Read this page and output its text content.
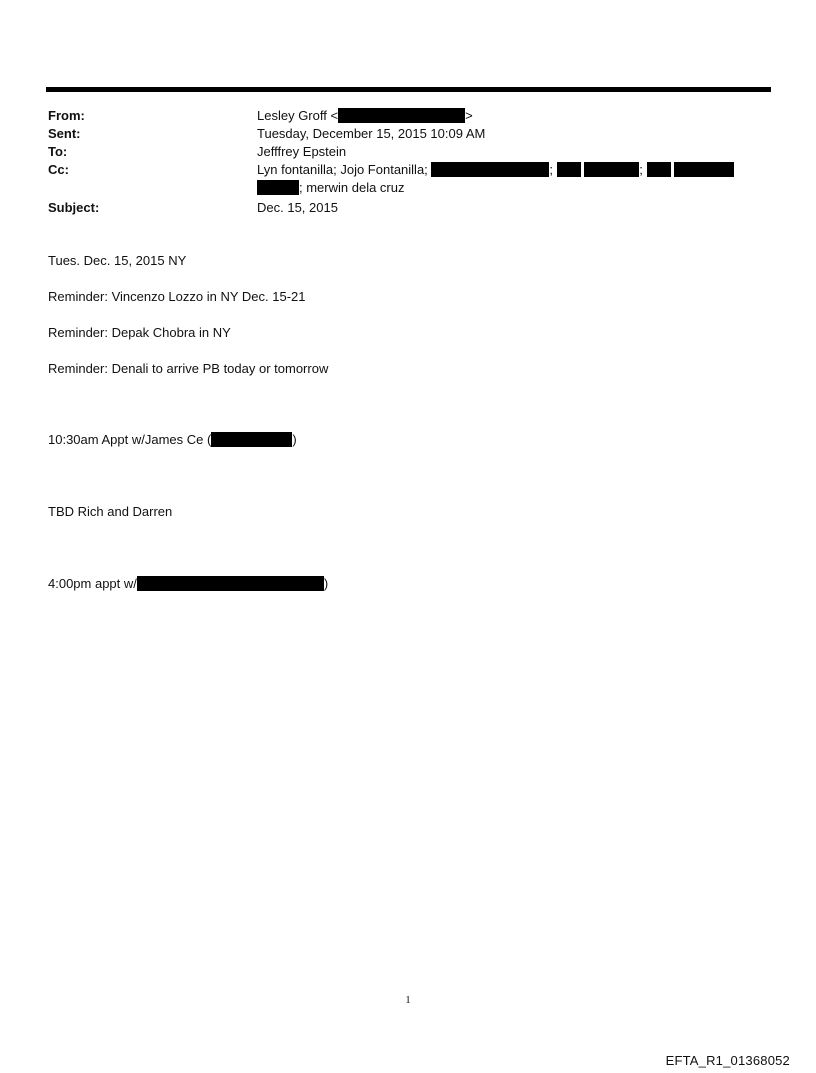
From:	Lesley Groff <	>
Sent:	Tuesday, December 15, 2015 10:09 AM
To:	Jefffrey Epstein
Cc:	Lyn fontanilla; Jojo Fontanilla;	;	;
; merwin dela cruz
Subject:	Dec. 15, 2015
Tues. Dec. 15, 2015 NY
Reminder: Vincenzo Lozzo in NY Dec. 15-21
Reminder: Depak Chobra in NY
Reminder: Denali to arrive PB today or tomorrow
10:30am Appt w/James Ce (	)
TBD Rich and Darren
4:00pm appt w/	)
1
EFTA_R1_01368052
